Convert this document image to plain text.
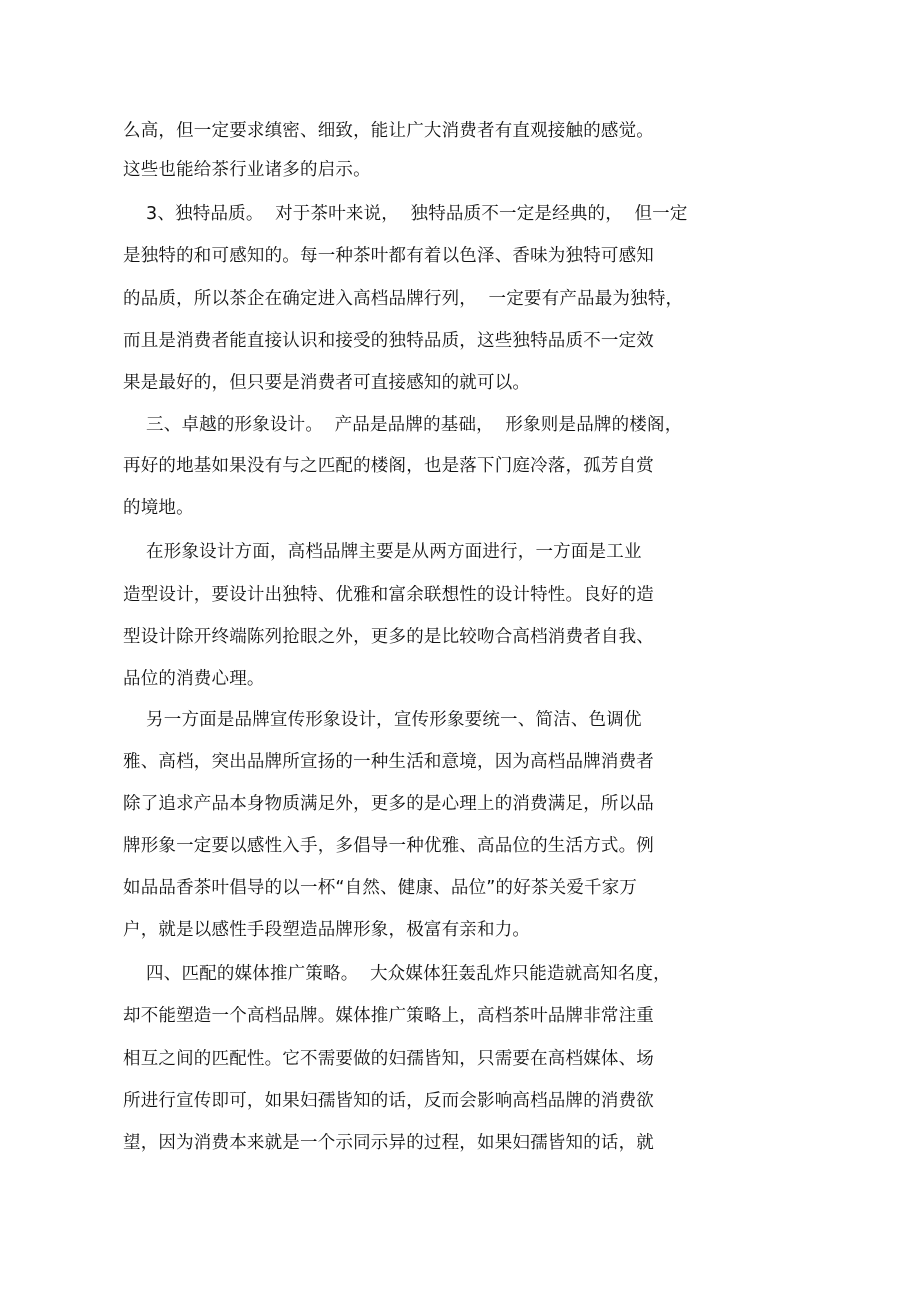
么高，但一定要求缜密、细致，能让广大消费者有直观接触的感觉。
这些也能给茶行业诸多的启示。
3、独特品质。  对于茶叶来说，  独特品质不一定是经典的，  但一定
是独特的和可感知的。每一种茶叶都有着以色泽、香味为独特可感知
的品质，所以茶企在确定进入高档品牌行列，  一定要有产品最为独特，
而且是消费者能直接认识和接受的独特品质，这些独特品质不一定效
果是最好的，但只要是消费者可直接感知的就可以。
三、卓越的形象设计。  产品是品牌的基础，  形象则是品牌的楼阁，
再好的地基如果没有与之匹配的楼阁，也是落下门庭冷落，孤芳自赏
的境地。
在形象设计方面，高档品牌主要是从两方面进行，一方面是工业
造型设计，要设计出独特、优雅和富余联想性的设计特性。良好的造
型设计除开终端陈列抢眼之外，更多的是比较吻合高档消费者自我、
品位的消费心理。
另一方面是品牌宣传形象设计，宣传形象要统一、简洁、色调优
雅、高档，突出品牌所宣扬的一种生活和意境，因为高档品牌消费者
除了追求产品本身物质满足外，更多的是心理上的消费满足，所以品
牌形象一定要以感性入手，多倡导一种优雅、高品位的生活方式。例
如品品香茶叶倡导的以一杯“自然、健康、品位”的好茶关爱千家万
户，就是以感性手段塑造品牌形象，极富有亲和力。
四、匹配的媒体推广策略。  大众媒体狂轰乱炸只能造就高知名度，
却不能塑造一个高档品牌。媒体推广策略上，高档茶叶品牌非常注重
相互之间的匹配性。它不需要做的妇孺皆知，只需要在高档媒体、场
所进行宣传即可，如果妇孺皆知的话，反而会影响高档品牌的消费欲
望，因为消费本来就是一个示同示异的过程，如果妇孺皆知的话，就
